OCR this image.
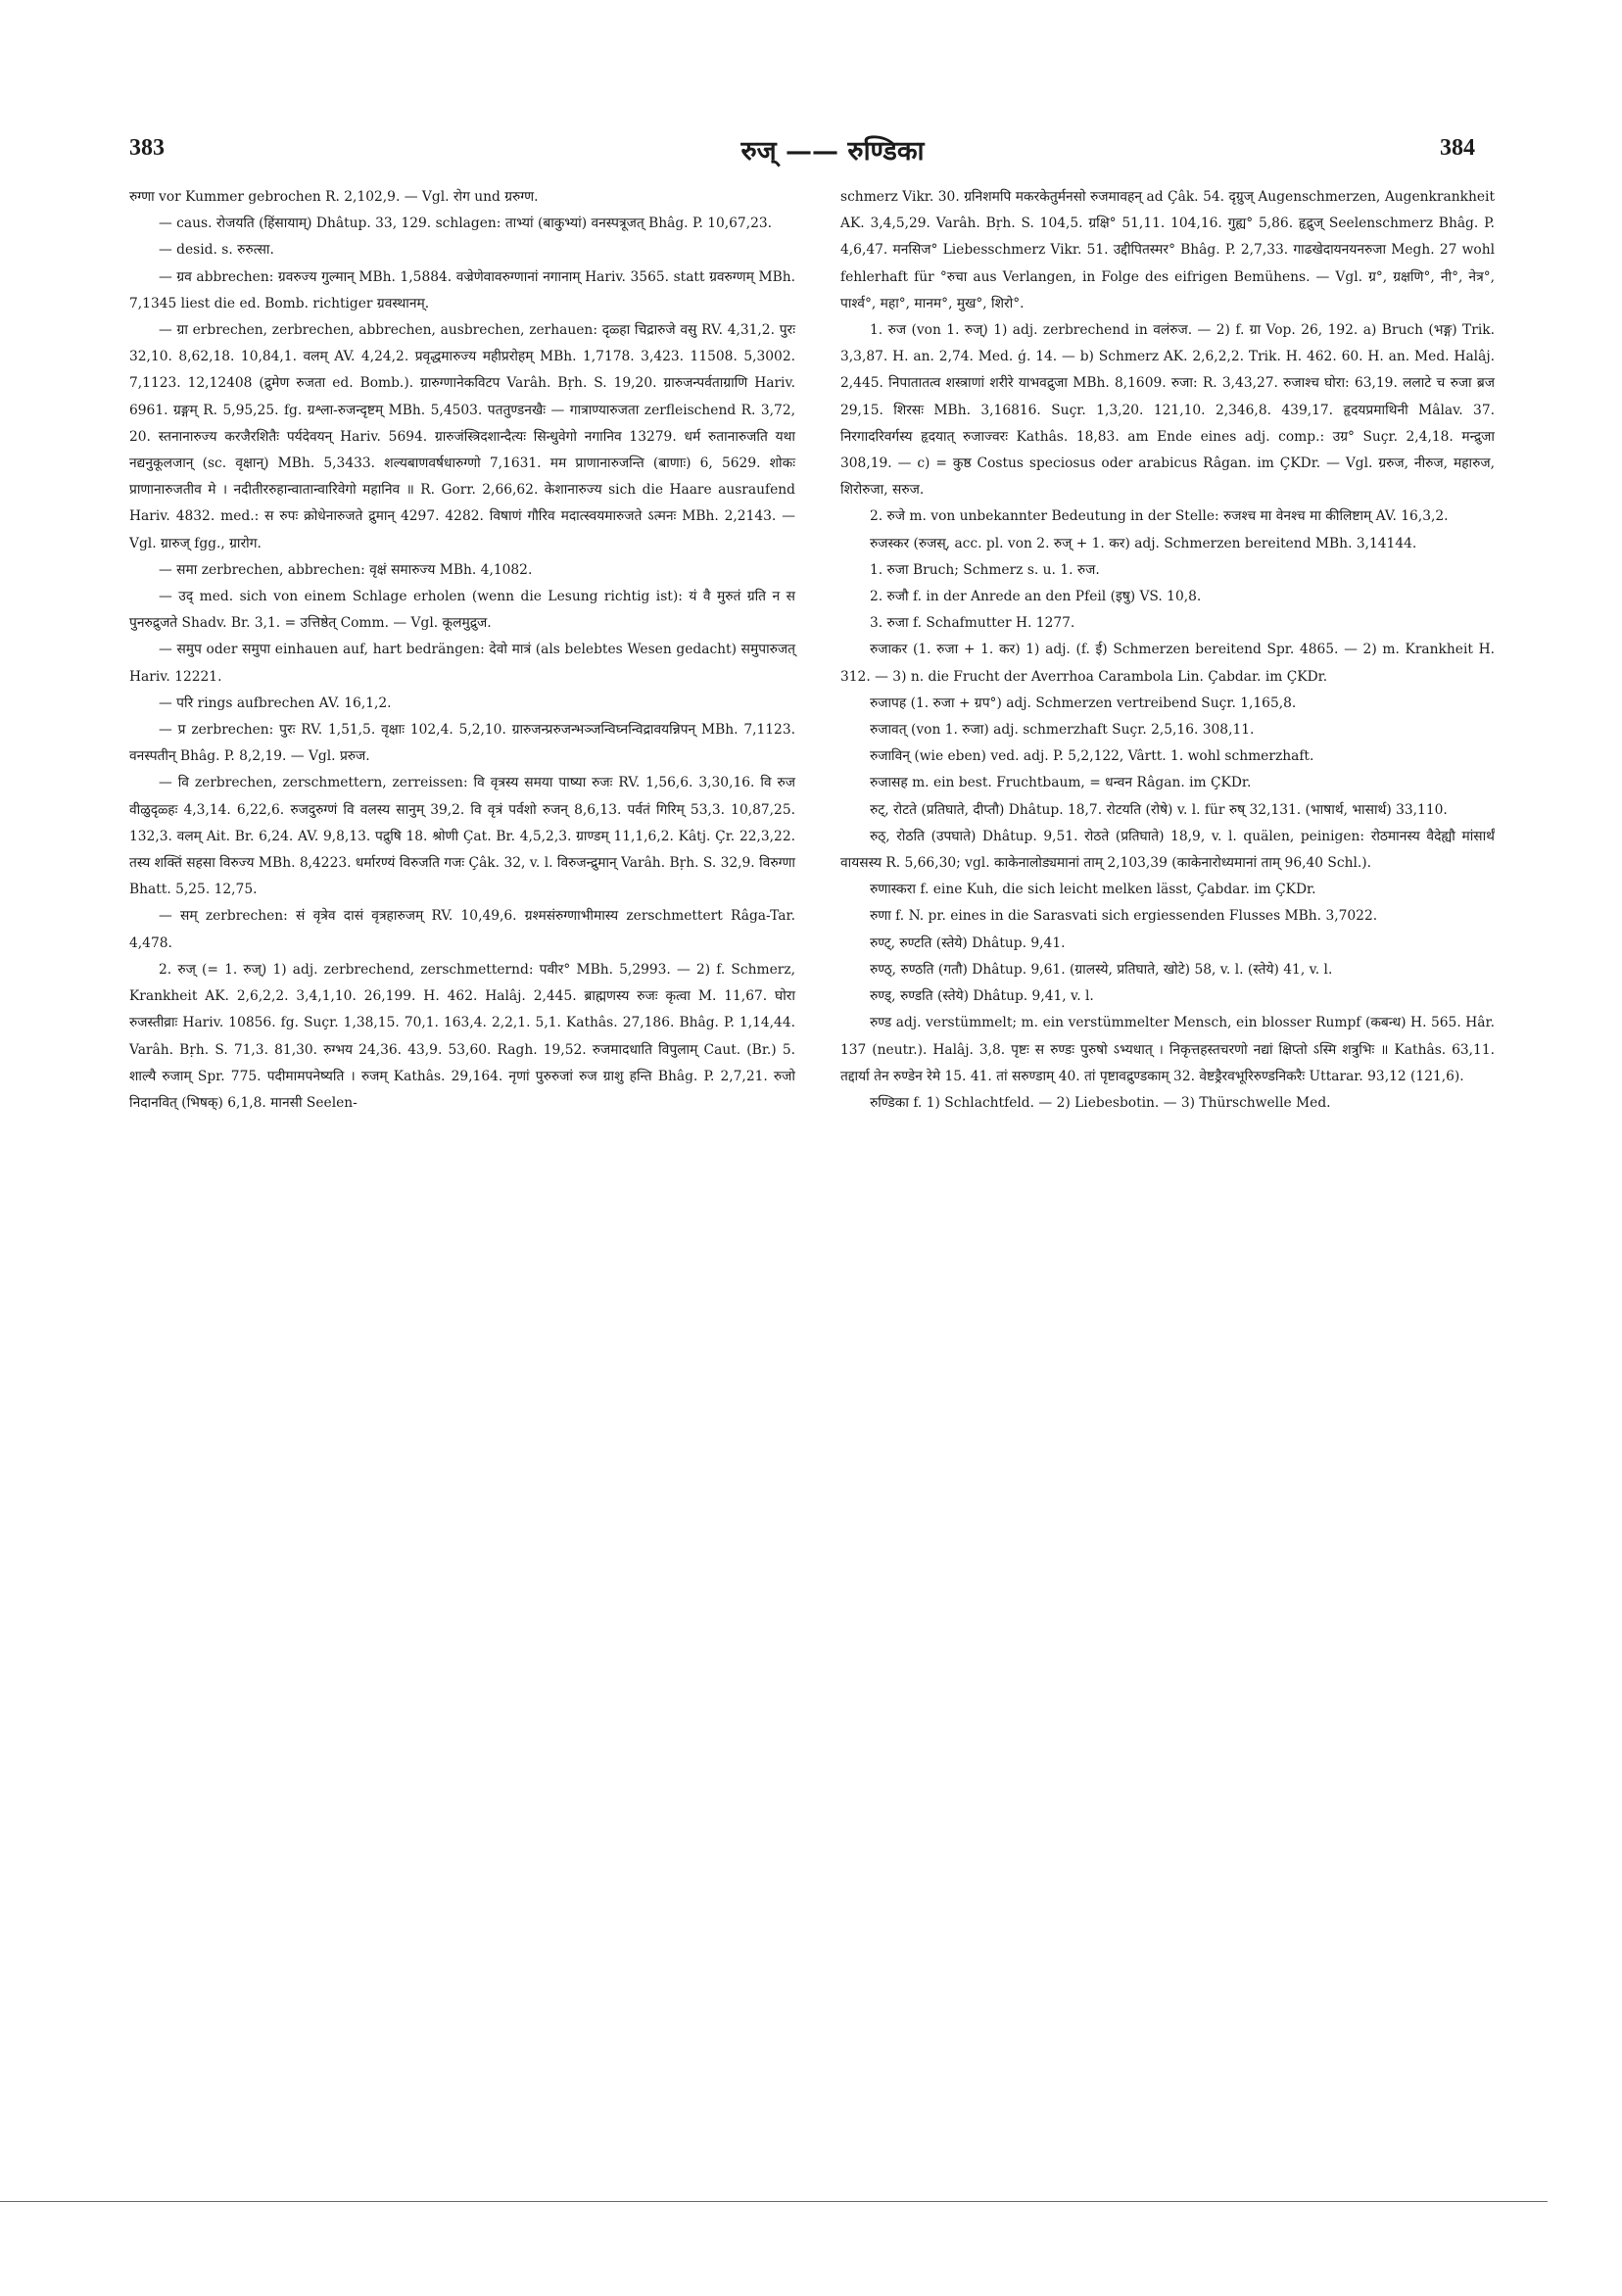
383	रुज् —— रुण्डिका	384

रुग्णा vor Kummer gebrochen R. 2,102,9. — Vgl. रोग und ग्ररुग्ण.

— caus. रोजयति (हिंसायाम्) Dhâtup. 33, 129. schlagen: ताभ्यां (बाकुभ्यां) वनस्पत्रूजत् Bhâg. P. 10,67,23.

— desid. s. रुरुत्सा.

— ग्रव abbrechen: ग्रवरुज्य गुल्मान् MBh. 1,5884. वज्रेणेवावरुग्णानां नगानाम् Hariv. 3565. statt ग्रवरुग्णम् MBh. 7,1345 liest die ed. Bomb. richtiger ग्रवस्थानम्.

— ग्रा erbrechen, zerbrechen, abbrechen, ausbrechen, zerhauen: दृळ्हा चिद्रारुजे वसु RV. 4,31,2. पुरः 32,10. 8,62,18. 10,84,1. वलम् AV. 4,24,2. प्रवृद्धमारुज्य महीप्ररोहम् MBh. 1,7178. 3,423. 11508. 5,3002. 7,1123. 12,12408 (द्रुमेण रुजता ed. Bomb.). ग्रारुग्णानेकविटप Varâh. Bṛh. S. 19,20. ग्रारुजन्पर्वताग्राणि Hariv. 6961. ग्रङ्गम् R. 5,95,25. fg. ग्रश्ला-रुजन्दृष्टम् MBh. 5,4503. पततुण्डनखैः — गात्राण्यारुजता zerfleischend R. 3,72, 20. स्तनानारुज्य करजैरशितैः पर्यदेवयन् Hariv. 5694. ग्रारुजंस्त्रिदशान्दैत्यः सिन्धुवेगो नगानिव 13279. धर्म रुतानारुजति यथा नद्यनुकूलजान् (sc. वृक्षान्) MBh. 5,3433. शल्यबाणवर्षधारुग्णो 7,1631. मम प्राणानारुजन्ति (बाणाः) 6, 5629. शोकः प्राणानारुजतीव मे । नदीतीररुहान्वातान्वारिवेगो महानिव ॥ R. Gorr. 2,66,62. केशानारुज्य sich die Haare ausraufend Hariv. 4832. med.: स रुपः क्रोधेनारुजते द्रुमान् 4297. 4282. विषाणं गौरिव मदात्स्वयमारुजते ऽत्मनः MBh. 2,2143. — Vgl. ग्रारुज् fgg., ग्रारोग.

— समा zerbrechen, abbrechen: वृक्षं समारुज्य MBh. 4,1082.

— उद् med. sich von einem Schlage erholen (wenn die Lesung richtig ist): यं वै मुरुतं ग्रति न स पुनरुद्रुजते Shadv. Br. 3,1. = उत्तिष्ठेत् Comm. — Vgl. कूलमुद्रुज.

— समुप oder समुपा einhauen auf, hart bedrängen: देवो मात्रं (als belebtes Wesen gedacht) समुपारुजत् Hariv. 12221.

— परि rings aufbrechen AV. 16,1,2.

— प्र zerbrechen: पुरः RV. 1,51,5. वृक्षाः 102,4. 5,2,10. ग्रारुजन्प्ररुजन्भञ्जन्विघ्नन्विद्रावयन्निपन् MBh. 7,1123. वनस्पतीन् Bhâg. P. 8,2,19. — Vgl. प्ररुज.

— वि zerbrechen, zerschmettern, zerreissen: वि वृत्रस्य समया पाष्या रुजः RV. 1,56,6. 3,30,16. वि रुज वीळुदृळ्हः 4,3,14. 6,22,6. रुजदुरुग्णं वि वलस्य सानुम् 39,2. वि वृत्रं पर्वशो रुजन् 8,6,13. पर्वतं गिरिम् 53,3. 10,87,25. 132,3. वलम् Ait. Br. 6,24. AV. 9,8,13. पद्रुषि 18. श्रोणी Çat. Br. 4,5,2,3. ग्राण्डम् 11,1,6,2. Kâtj. Çr. 22,3,22. तस्य शक्तिं सहसा विरुज्य MBh. 8,4223. धर्मारण्यं विरुजति गजः Çâk. 32, v. l. विरुजन्द्रुमान् Varâh. Bṛh. S. 32,9. विरुग्णा Bhatt. 5,25. 12,75.

— सम् zerbrechen: सं वृत्रेव दासं वृत्रहारुजम् RV. 10,49,6. ग्रश्मसंरुग्णाभीमास्य zerschmettert Râga-Tar. 4,478.

2. रुज् (= 1. रुज्) 1) adj. zerbrechend, zerschmetternd: पवीर° MBh. 5,2993. — 2) f. Schmerz, Krankheit AK. 2,6,2,2. 3,4,1,10. 26,199. H. 462. Halâj. 2,445. ब्राह्मणस्य रुजः कृत्वा M. 11,67. घोरा रुजस्तीव्राः Hariv. 10856. fg. Suçr. 1,38,15. 70,1. 163,4. 2,2,1. 5,1. Kathâs. 27,186. Bhâg. P. 1,14,44. Varâh. Bṛh. S. 71,3. 81,30. रुग्भय 24,36. 43,9. 53,60. Ragh. 19,52. रुजमादधाति विपुलाम् Caut. (Br.) 5. शाल्यै रुजाम् Spr. 775. पदीमामपनेष्यति । रुजम् Kathâs. 29,164. नृणां पुरुरुजां रुज ग्राशु हन्ति Bhâg. P. 2,7,21. रुजो निदानवित् (भिषक्) 6,1,8. मानसी Seelen-

schmerz Vikr. 30. ग्रनिशमपि मकरकेतुर्मनसो रुजमावहन् ad Çâk. 54. दृग्रुज् Augenschmerzen, Augenkrankheit AK. 3,4,5,29. Varâh. Bṛh. S. 104,5. ग्रक्षि° 51,11. 104,16. गुह्य° 5,86. हृद्रुज् Seelenschmerz Bhâg. P. 4,6,47. मनसिज° Liebesschmerz Vikr. 51. उद्दीपितस्मर° Bhâg. P. 2,7,33. गाढखेदायनयनरुजा Megh. 27 wohl fehlerhaft für °रुचा aus Verlangen, in Folge des eifrigen Bemühens. — Vgl. ग्र°, ग्रक्षणि°, नी°, नेत्र°, पार्श्व°, महा°, मानम°, मुख°, शिरो°.

1. रुज (von 1. रुज्) 1) adj. zerbrechend in वलंरुज. — 2) f. ग्रा Vop. 26, 192. a) Bruch (भङ्ग) Trik. 3,3,87. H. an. 2,74. Med. ǵ. 14. — b) Schmerz AK. 2,6,2,2. Trik. H. 462. 60. H. an. Med. Halâj. 2,445. निपातातत्व शस्त्राणां शरीरे याभवद्रुजा MBh. 8,1609. रुजा: R. 3,43,27. रुजाश्च घोरा: 63,19. ललाटे च रुजा ब्रज 29,15. शिरसः MBh. 3,16816. Suçr. 1,3,20. 121,10. 2,346,8. 439,17. हृदयप्रमाथिनी Mâlav. 37. निरगादरिवर्गस्य हृदयात् रुजाज्वरः Kathâs. 18,83. am Ende eines adj. comp.: उग्र° Suçr. 2,4,18. मन्द्रुजा 308,19. — c) = कुष्ठ Costus speciosus oder arabicus Râgan. im ÇKDr. — Vgl. ग्ररुज, नीरुज, महारुज, शिरोरुजा, सरुज.

2. रुजे m. von unbekannter Bedeutung in der Stelle: रुजश्च मा वेनश्च मा कीलिष्टाम् AV. 16,3,2.

रुजस्कर (रुजस्, acc. pl. von 2. रुज् + 1. कर) adj. Schmerzen bereitend MBh. 3,14144.

1. रुजा Bruch; Schmerz s. u. 1. रुज.

2. रुजौ f. in der Anrede an den Pfeil (इषु) VS. 10,8.

3. रुजा f. Schafmutter H. 1277.

रुजाकर (1. रुजा + 1. कर) 1) adj. (f. ई) Schmerzen bereitend Spr. 4865. — 2) m. Krankheit H. 312. — 3) n. die Frucht der Averrhoa Carambola Lin. Çabdar. im ÇKDr.

रुजापह (1. रुजा + ग्रप°) adj. Schmerzen vertreibend Suçr. 1,165,8.

रुजावत् (von 1. रुजा) adj. schmerzhaft Suçr. 2,5,16. 308,11.

रुजाविन् (wie eben) ved. adj. P. 5,2,122, Vârtt. 1. wohl schmerzhaft.

रुजासह m. ein best. Fruchtbaum, = धन्वन Râgan. im ÇKDr.

रुट्, रोटते (प्रतिघाते, दीप्तौ) Dhâtup. 18,7. रोटयति (रोषे) v. l. für रुष् 32,131. (भाषार्थ, भासार्थ) 33,110.

रुठ्, रोठति (उपघाते) Dhâtup. 9,51. रोठते (प्रतिघाते) 18,9, v. l. quälen, peinigen: रोठमानस्य वैदेह्यौ मांसार्थं वायसस्य R. 5,66,30; vgl. काकेनालोड्यमानां ताम् 2,103,39 (काकेनारोध्यमानां ताम् 96,40 Schl.).

रुणास्करा f. eine Kuh, die sich leicht melken lässt, Çabdar. im ÇKDr.

रुणा f. N. pr. eines in die Sarasvati sich ergiessenden Flusses MBh. 3,7022.

रुण्ट्, रुण्टति (स्तेये) Dhâtup. 9,41.

रुण्ठ्, रुण्ठति (गतौ) Dhâtup. 9,61. (ग्रालस्ये, प्रतिघाते, खोटे) 58, v. l. (स्तेये) 41, v. l.

रुण्ड्, रुण्डति (स्तेये) Dhâtup. 9,41, v. l.

रुण्ड adj. verstümmelt; m. ein verstümmelter Mensch, ein blosser Rumpf (कबन्ध) H. 565. Hâr. 137 (neutr.). Halâj. 3,8. पृष्टः स रुण्डः पुरुषो ऽभ्यधात् । निकृत्तहस्तचरणो नद्यां क्षिप्तो ऽस्मि शत्रुभिः ॥ Kathâs. 63,11. तद्दार्या तेन रुण्डेन रेमे 15. 41. तां सरुण्डाम् 40. तां पृष्टावद्रुण्डकाम् 32. वेष्टड्रैरवभूरिरुण्डनिकरैः Uttarar. 93,12 (121,6).

रुण्डिका f. 1) Schlachtfeld. — 2) Liebesbotin. — 3) Thürschwelle Med.
